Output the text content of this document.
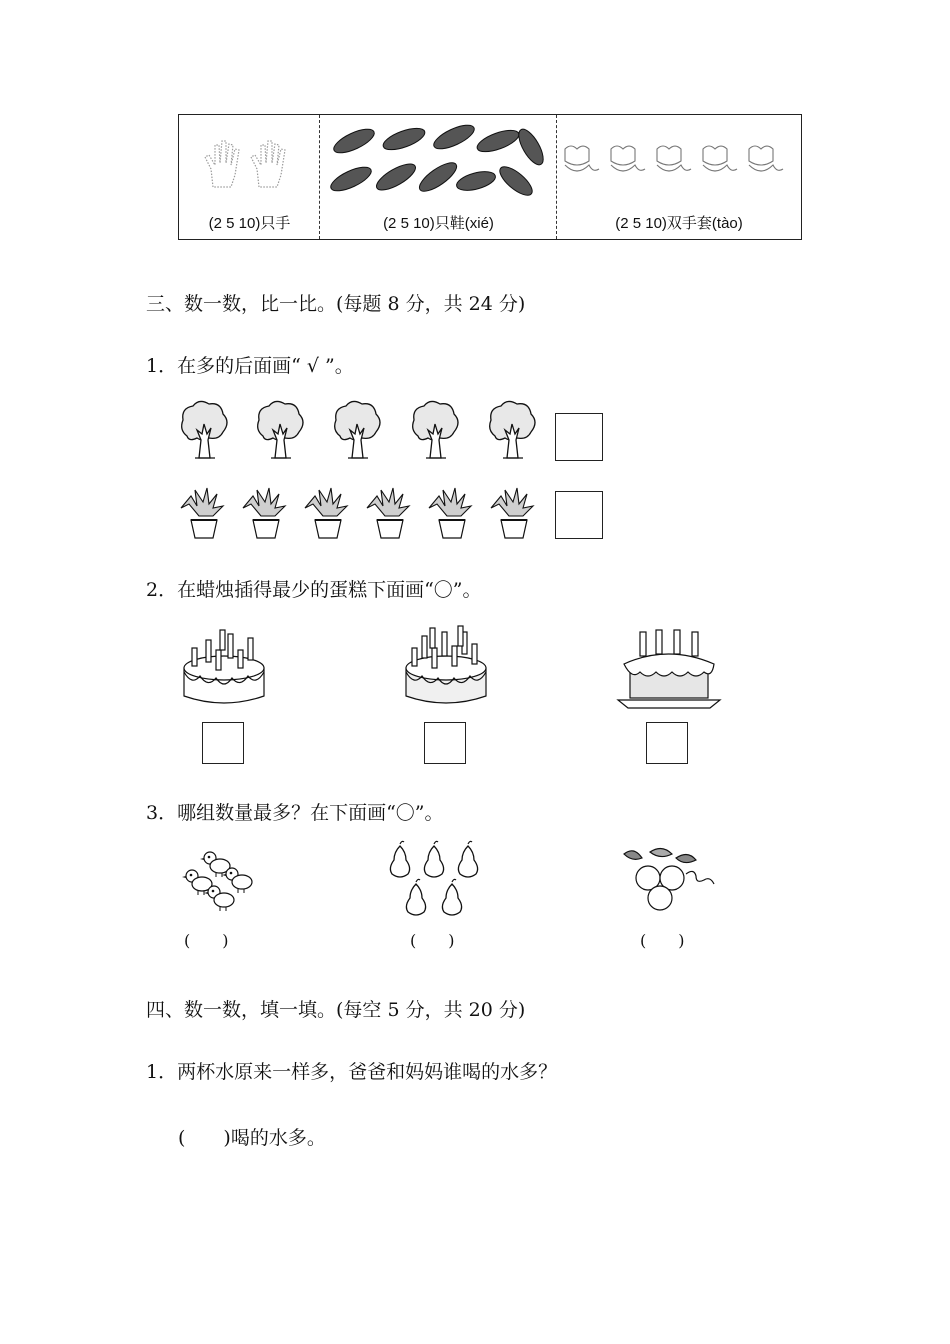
(2 5 10)只手	(2 5 10)只鞋(xié)	(2 5 10)双手套(tào)
三、数一数，比一比。(每题 8 分，共 24 分)
1．在多的后面画“ √ ”。
2．在蜡烛插得最少的蛋糕下面画“〇”。
3．哪组数量最多？在下面画“〇”。
(　　)	(　　)	(　　)
四、数一数，填一填。(每空 5 分，共 20 分)
1．两杯水原来一样多，爸爸和妈妈谁喝的水多？
(　　)喝的水多。
